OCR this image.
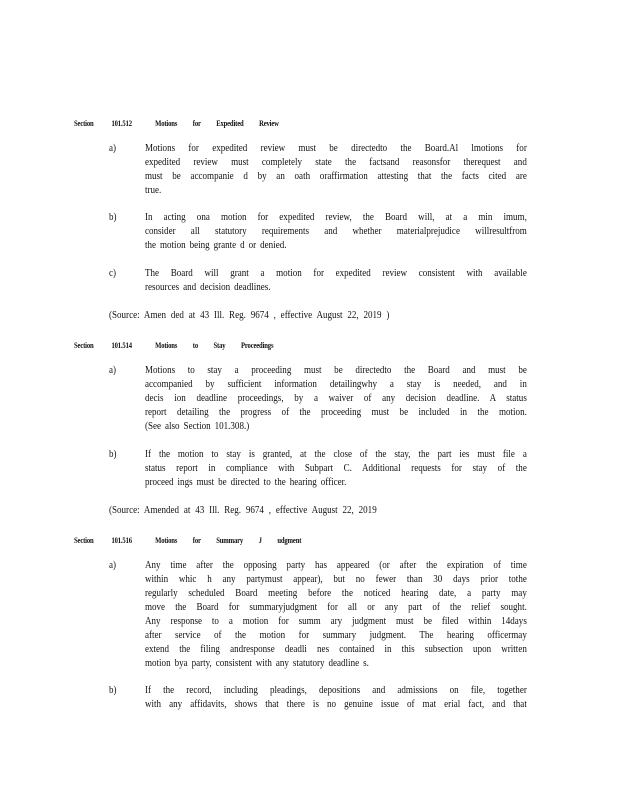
Section 101.512	Motions for Expedited Review
a)	Motions for expedited review must be directedto the Board.Al lmotions for
expedited review must completely state the factsand reasonsfor therequest and
must be accompanie d by an oath oraffirmation attesting that the facts cited are
true.
b)	In acting ona motion for expedited review, the Board will, at a min imum,
consider all statutory requirements and whether materialprejudice willresultfrom
the motion being grante d or denied.
c)	The Board will grant a motion for expedited review consistent with available
resources and decision deadlines.
(Source: Amen ded at 43 Ill. Reg. 9674 , effective August 22, 2019 )
Section 101.514	Motions to Stay Proceedings
a)	Motions to stay a proceeding must be directedto the Board and must be
accompanied by sufficient information detailingwhy a stay is needed, and in
decis ion deadline proceedings, by a waiver of any decision deadline. A status
report detailing the progress of the proceeding must be included in the motion.
(See also Section 101.308.)
b)	If the motion to stay is granted, at the close of the stay, the part ies must file a
status report in compliance with Subpart C. Additional requests for stay of the
proceed ings must be directed to the hearing officer.
(Source: Amended at 43 Ill. Reg. 9674 , effective August 22, 2019
Section 101.516	Motions for Summary J udgment
a)	Any time after the opposing party has appeared (or after the expiration of time
within whic h any partymust appear), but no fewer than 30 days prior tothe
regularly scheduled Board meeting before the noticed hearing date, a party may
move the Board for summaryjudgment for all or any part of the relief sought.
Any response to a motion for summ ary judgment must be filed within 14days
after service of the motion for summary judgment. The hearing officermay
extend the filing andresponse deadli nes contained in this subsection upon written
motion bya party, consistent with any statutory deadline s.
b)	If the record, including pleadings, depositions and admissions on file, together
with any affidavits, shows that there is no genuine issue of mat erial fact, and that
